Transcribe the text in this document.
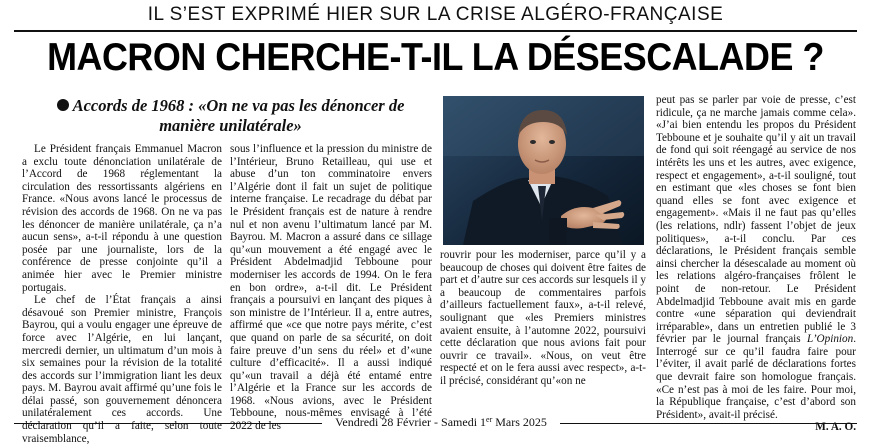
IL S’EST EXPRIMÉ HIER SUR LA CRISE ALGÉRO-FRANÇAISE
MACRON CHERCHE-T-IL LA DÉSESCALADE ?
Accords de 1968 : «On ne va pas les dénoncer de manière unilatérale»

Le Président français Emmanuel Macron a exclu toute dénonciation unilatérale de l’Accord de 1968 réglementant la circulation des ressortissants algériens en France. «Nous avons lancé le processus de révision des accords de 1968. On ne va pas les dénoncer de manière unilatérale, ça n’a aucun sens», a-t-il répondu à une question posée par une journaliste, lors de la conférence de presse conjointe qu’il a animée hier avec le Premier ministre portugais.

Le chef de l’État français a ainsi désavoué son Premier ministre, François Bayrou, qui a voulu engager une épreuve de force avec l’Algérie, en lui lançant, mercredi dernier, un ultimatum d’un mois à six semaines pour la révision de la totalité des accords sur l’immigration liant les deux pays. M. Bayrou avait affirmé qu’une fois le délai passé, son gouvernement dénoncera unilatéralement ces accords. Une déclaration qu’il a faite, selon toute vraisemblance,

sous l’influence et la pression du ministre de l’Intérieur, Bruno Retailleau, qui use et abuse d’un ton comminatoire envers l’Algérie dont il fait un sujet de politique interne française. Le recadrage du débat par le Président français est de nature à rendre nul et non avenu l’ultimatum lancé par M. Bayrou. M. Macron a assuré dans ce sillage qu’«un mouvement a été engagé avec le Président Abdelmadjid Tebboune pour moderniser les accords de 1994. On le fera en bon ordre», a-t-il dit. Le Président français a poursuivi en lançant des piques à son ministre de l’Intérieur. Il a, entre autres, affirmé que «ce que notre pays mérite, c’est que quand on parle de sa sécurité, on doit faire preuve d’un sens du réel» et d’«une culture d’efficacité». Il a aussi indiqué qu’«un travail a déjà été entamé entre l’Algérie et la France sur les accords de 1968. «Nous avions, avec le Président Tebboune, nous-mêmes envisagé à l’été 2022 de les

rouvrir pour les moderniser, parce qu’il y a beaucoup de choses qui doivent être faites de part et d’autre sur ces accords sur lesquels il y a beaucoup de commentaires parfois d’ailleurs factuellement faux», a-t-il relevé, soulignant que «les Premiers ministres avaient ensuite, à l’automne 2022, poursuivi cette déclaration que nous avions fait pour ouvrir ce travail». «Nous, on veut être respecté et on le fera aussi avec respect», a-t-il précisé, considérant qu’«on ne

peut pas se parler par voie de presse, c’est ridicule, ça ne marche jamais comme cela». «J’ai bien entendu les propos du Président Tebboune et je souhaite qu’il y ait un travail de fond qui soit réengagé au service de nos intérêts les uns et les autres, avec exigence, respect et engagement», a-t-il souligné, tout en estimant que «les choses se font bien quand elles se font avec exigence et engagement». «Mais il ne faut pas qu’elles (les relations, ndlr) fassent l’objet de jeux politiques», a-t-il conclu. Par ces déclarations, le Président français semble ainsi chercher la désescalade au moment où les relations algéro-françaises frôlent le point de non-retour. Le Président Abdelmadjid Tebboune avait mis en garde contre «une séparation qui deviendrait irréparable», dans un entretien publié le 3 février par le journal français L’Opinion. Interrogé sur ce qu’il faudra faire pour l’éviter, il avait parlé de déclarations fortes que devrait faire son homologue français. «Ce n’est pas à moi de les faire. Pour moi, la République française, c’est d’abord son Président», avait-il précisé.

M. A. O.
Vendredi 28 Février - Samedi 1er Mars 2025
